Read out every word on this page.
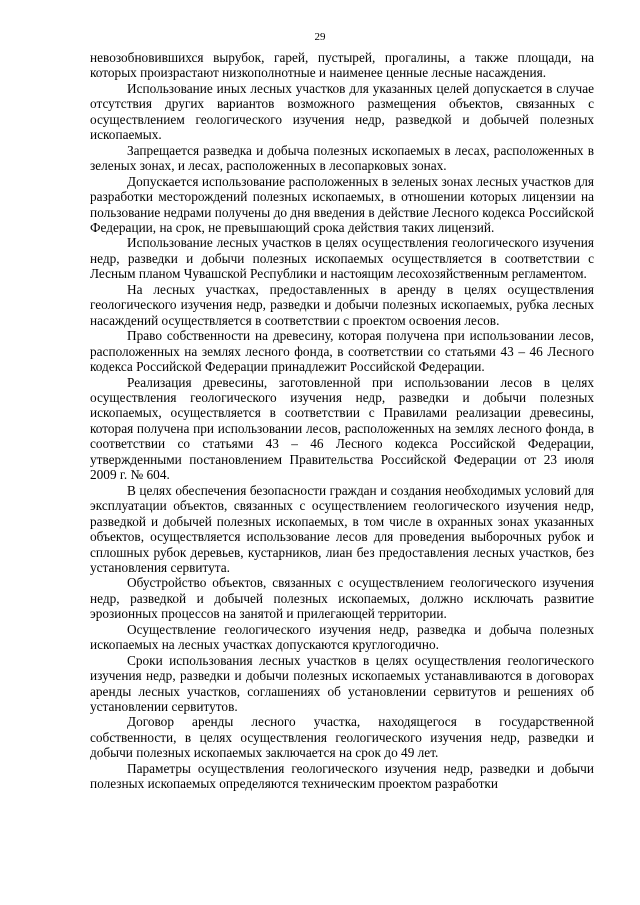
29

невозобновившихся вырубок, гарей, пустырей, прогалины, а также площади, на которых произрастают низкополнотные и наименее ценные лесные насаждения.

Использование иных лесных участков для указанных целей допускается в случае отсутствия других вариантов возможного размещения объектов, связанных с осуществлением геологического изучения недр, разведкой и добычей полезных ископаемых.

Запрещается разведка и добыча полезных ископаемых в лесах, расположенных в зеленых зонах, и лесах, расположенных в лесопарковых зонах.

Допускается использование расположенных в зеленых зонах лесных участков для разработки месторождений полезных ископаемых, в отношении которых лицензии на пользование недрами получены до дня введения в действие Лесного кодекса Российской Федерации, на срок, не превышающий срока действия таких лицензий.

Использование лесных участков в целях осуществления геологического изучения недр, разведки и добычи полезных ископаемых осуществляется в соответствии с Лесным планом Чувашской Республики и настоящим лесохозяйственным регламентом.

На лесных участках, предоставленных в аренду в целях осуществления геологического изучения недр, разведки и добычи полезных ископаемых, рубка лесных насаждений осуществляется в соответствии с проектом освоения лесов.

Право собственности на древесину, которая получена при использовании лесов, расположенных на землях лесного фонда, в соответствии со статьями 43 – 46 Лесного кодекса Российской Федерации принадлежит Российской Федерации.

Реализация древесины, заготовленной при использовании лесов в целях осуществления геологического изучения недр, разведки и добычи полезных ископаемых, осуществляется в соответствии с Правилами реализации древесины, которая получена при использовании лесов, расположенных на землях лесного фонда, в соответствии со статьями 43 – 46 Лесного кодекса Российской Федерации, утвержденными постановлением Правительства Российской Федерации от 23 июля 2009 г. № 604.

В целях обеспечения безопасности граждан и создания необходимых условий для эксплуатации объектов, связанных с осуществлением геологического изучения недр, разведкой и добычей полезных ископаемых, в том числе в охранных зонах указанных объектов, осуществляется использование лесов для проведения выборочных рубок и сплошных рубок деревьев, кустарников, лиан без предоставления лесных участков, без установления сервитута.

Обустройство объектов, связанных с осуществлением геологического изучения недр, разведкой и добычей полезных ископаемых, должно исключать развитие эрозионных процессов на занятой и прилегающей территории.

Осуществление геологического изучения недр, разведка и добыча полезных ископаемых на лесных участках допускаются круглогодично.

Сроки использования лесных участков в целях осуществления геологического изучения недр, разведки и добычи полезных ископаемых устанавливаются в договорах аренды лесных участков, соглашениях об установлении сервитутов и решениях об установлении сервитутов.

Договор аренды лесного участка, находящегося в государственной собственности, в целях осуществления геологического изучения недр, разведки и добычи полезных ископаемых заключается на срок до 49 лет.

Параметры осуществления геологического изучения недр, разведки и добычи полезных ископаемых определяются техническим проектом разработки
